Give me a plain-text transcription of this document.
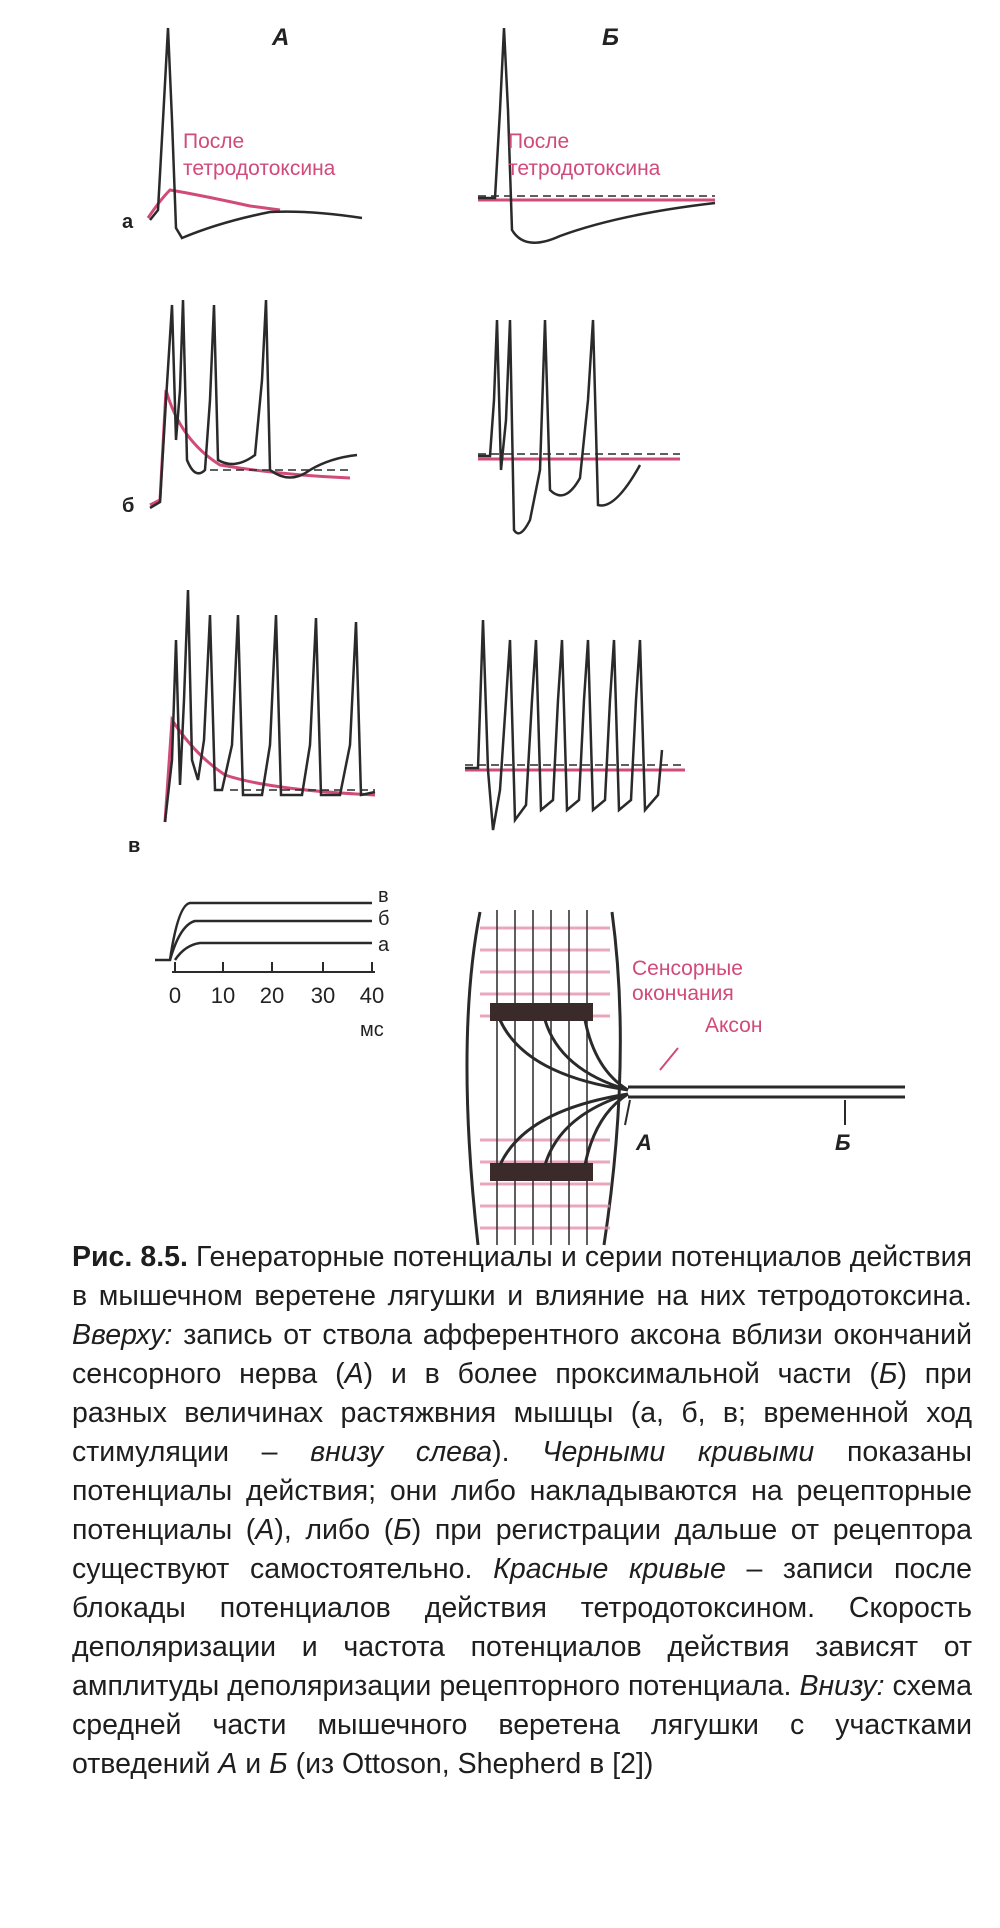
А	Б
После
тетродотоксина
а
После
тетродотоксина
б
в
в
б
а
0 10 20 30 40
мс
Сенсорные
окончания
Аксон
А	Б
Рис. 8.5. Генераторные потенциалы и серии потенциалов действия в мышечном веретене лягушки и влияние на них тетродотоксина. Вверху: запись от ствола афферентного аксона вблизи окончаний сенсорного нерва (А) и в более проксимальной части (Б) при разных величинах растяжвния мышцы (а, б, в; временной ход стимуляции – внизу слева). Черными кривыми показаны потенциалы действия; они либо накладываются на рецепторные потенциалы (А), либо (Б) при регистрации дальше от рецептора существуют самостоятельно. Красные кривые – записи после блокады потенциалов действия тетродотоксином. Скорость деполяризации и частота потенциалов действия зависят от амплитуды деполяризации рецепторного потенциала. Внизу: схема средней части мышечного веретена лягушки с участками отведений А и Б (из Ottoson, Shepherd в [2])
